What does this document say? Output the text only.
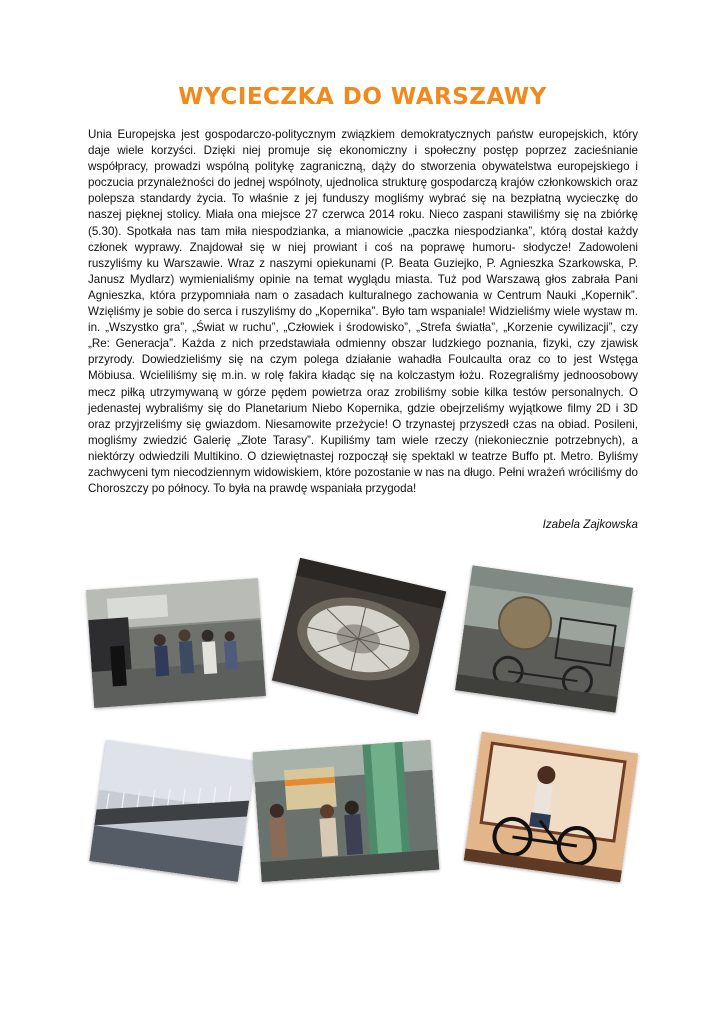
WYCIECZKA DO WARSZAWY

Unia Europejska jest gospodarczo-politycznym związkiem demokratycznych państw europejskich, który daje wiele korzyści. Dzięki niej promuje się ekonomiczny i społeczny postęp poprzez zacieśnianie współpracy, prowadzi wspólną politykę zagraniczną, dąży do stworzenia obywatelstwa europejskiego i poczucia przynależności do jednej wspólnoty, ujednolica strukturę gospodarczą krajów członkowskich oraz polepsza standardy życia. To właśnie z jej funduszy mogliśmy wybrać się na bezpłatną wycieczkę do naszej pięknej stolicy. Miała ona miejsce 27 czerwca 2014 roku. Nieco zaspani stawiliśmy się na zbiórkę (5.30). Spotkała nas tam miła niespodzianka, a mianowicie „paczka niespodzianka”, którą dostał każdy członek wyprawy. Znajdował się w niej prowiant i coś na poprawę humoru- słodycze! Zadowoleni ruszyliśmy ku Warszawie. Wraz z naszymi opiekunami (P. Beata Guziejko, P. Agnieszka Szarkowska, P. Janusz Mydlarz) wymienialiśmy opinie na temat wyglądu miasta. Tuż pod Warszawą głos zabrała Pani Agnieszka, która przypomniała nam o zasadach kulturalnego zachowania w Centrum Nauki „Kopernik”. Wzięliśmy je sobie do serca i ruszyliśmy do „Kopernika”. Było tam wspaniale! Widzieliśmy wiele wystaw m. in. „Wszystko gra”, „Świat w ruchu”, „Człowiek i środowisko”, „Strefa światła”, „Korzenie cywilizacji”, czy „Re: Generacja”. Każda z nich przedstawiała odmienny obszar ludzkiego poznania, fizyki, czy zjawisk przyrody. Dowiedzieliśmy się na czym polega działanie wahadła Foulcaulta oraz co to jest Wstęga Möbiusa. Wcieliliśmy się m.in. w rolę fakira kładąc się na kolczastym łożu. Rozegraliśmy jednoosobowy mecz piłką utrzymywaną w górze pędem powietrza oraz zrobiliśmy sobie kilka testów personalnych. O jedenastej wybraliśmy się do Planetarium Niebo Kopernika, gdzie obejrzeliśmy wyjątkowe filmy 2D i 3D oraz przyjrzeliśmy się gwiazdom. Niesamowite przeżycie! O trzynastej przyszedł czas na obiad. Posileni, mogliśmy zwiedzić Galerię „Złote Tarasy”. Kupiliśmy tam wiele rzeczy (niekoniecznie potrzebnych), a niektórzy odwiedzili Multikino. O dziewiętnastej rozpoczął się spektakl w teatrze Buffo pt. Metro. Byliśmy zachwyceni tym niecodziennym widowiskiem, które pozostanie w nas na długo. Pełni wrażeń wróciliśmy do Choroszczy po północy. To była na prawdę wspaniała przygoda!

Izabela Zajkowska
